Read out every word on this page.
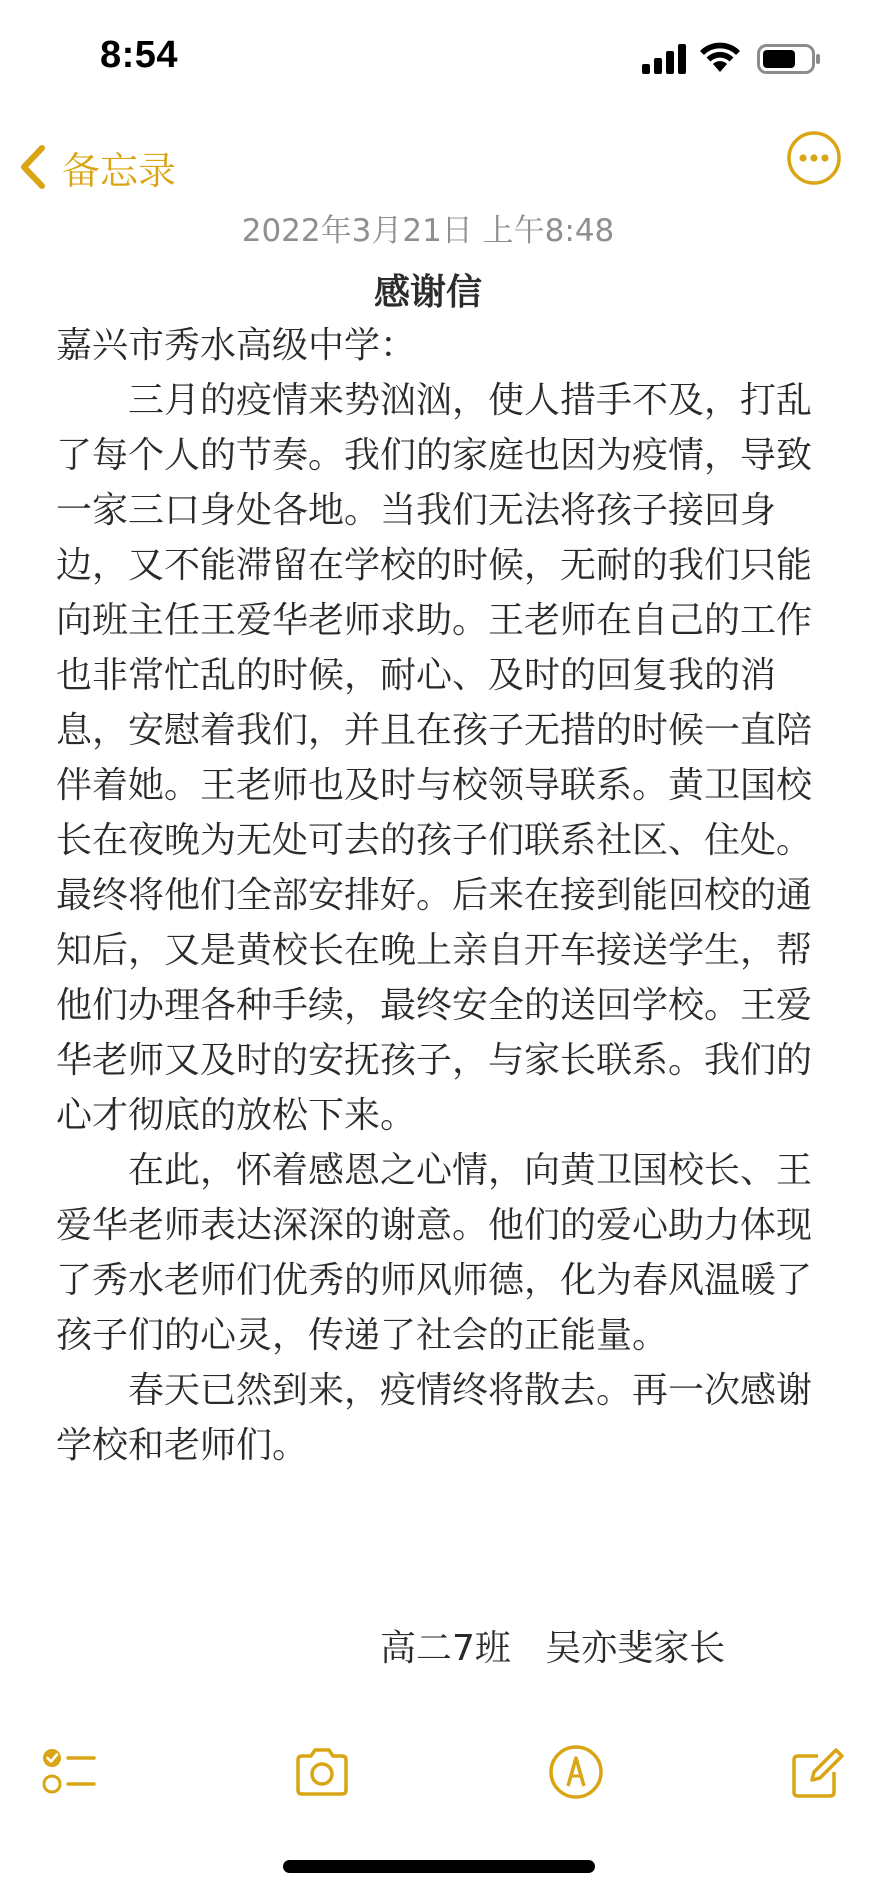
8:54
备忘录
2022年3月21日 上午8:48
感谢信

嘉兴市秀水高级中学：

三月的疫情来势汹汹，使人措手不及，打乱了每个人的节奏。我们的家庭也因为疫情，导致一家三口身处各地。当我们无法将孩子接回身边，又不能滞留在学校的时候，无耐的我们只能向班主任王爱华老师求助。王老师在自己的工作也非常忙乱的时候，耐心、及时的回复我的消息，安慰着我们，并且在孩子无措的时候一直陪伴着她。王老师也及时与校领导联系。黄卫国校长在夜晚为无处可去的孩子们联系社区、住处。最终将他们全部安排好。后来在接到能回校的通知后，又是黄校长在晚上亲自开车接送学生，帮他们办理各种手续，最终安全的送回学校。王爱华老师又及时的安抚孩子，与家长联系。我们的心才彻底的放松下来。

在此，怀着感恩之心情，向黄卫国校长、王爱华老师表达深深的谢意。他们的爱心助力体现了秀水老师们优秀的师风师德，化为春风温暖了孩子们的心灵，传递了社会的正能量。

春天已然到来，疫情终将散去。再一次感谢学校和老师们。

高二7班   吴亦斐家长
